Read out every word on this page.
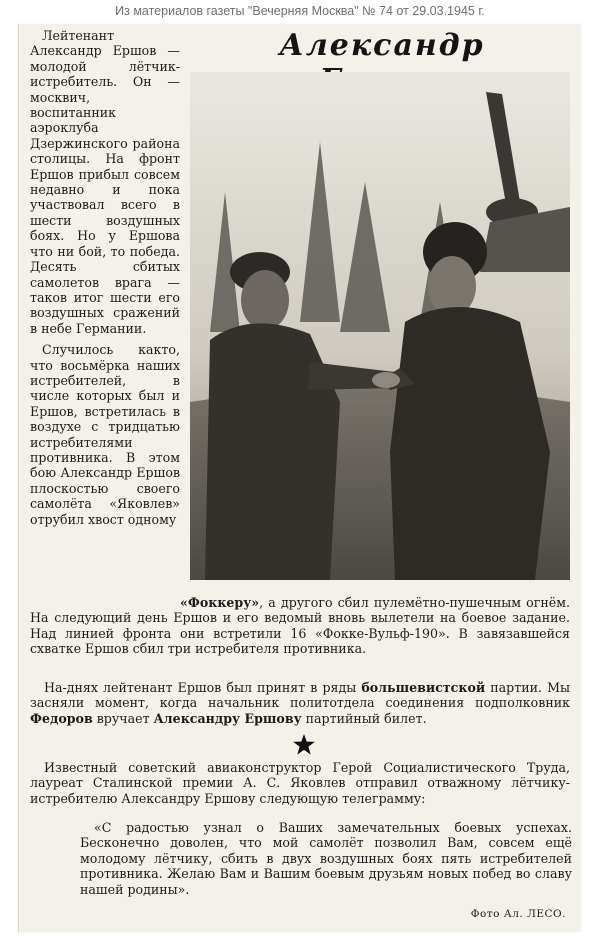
Из материалов газеты "Вечерняя Москва" № 74 от 29.03.1945 г.
Александр

Лейтенант Александр Ершов — молодой лётчик-истребитель. Он — москвич, воспитанник аэроклуба Дзержинского района столицы. На фронт Ершов прибыл совсем недавно и пока участвовал всего в шести воздушных боях. Но у Ершова что ни бой, то победа. Десять сбитых самолетов врага — таков итог шести его воздушных сражений в небе Германии.

Случилось както, что восьмёрка наших истребителей, в числе которых был и Ершов, встретилась в воздухе с тридцатью истребителями противника. В этом бою Александр Ершов плоскостью своего самолёта «Яковлев» отрубил хвост одному

«Фоккеру», а другого сбил пулемётно-пушечным огнём. На следующий день Ершов и его ведомый вновь вылетели на боевое задание. Над линией фронта они встретили 16 «Фокке-Вульф-190». В завязавшейся схватке Ершов сбил три истребителя противника.

На-днях лейтенант Ершов был принят в ряды большевистской партии. Мы засняли момент, когда начальник политотдела соединения подполковник Федоров вручает Александру Ершову партийный билет.

Известный советский авиаконструктор Герой Социалистического Труда, лауреат Сталинской премии А. С. Яковлев отправил отважному лётчику-истребителю Александру Ершову следующую телеграмму:

«С радостью узнал о Ваших замечательных боевых успехах. Бесконечно доволен, что мой самолёт позволил Вам, совсем ещё молодому лётчику, сбить в двух воздушных боях пять истребителей противника. Желаю Вам и Вашим боевым друзьям новых побед во славу нашей родины».

Фото Ал. ЛЕСО.
